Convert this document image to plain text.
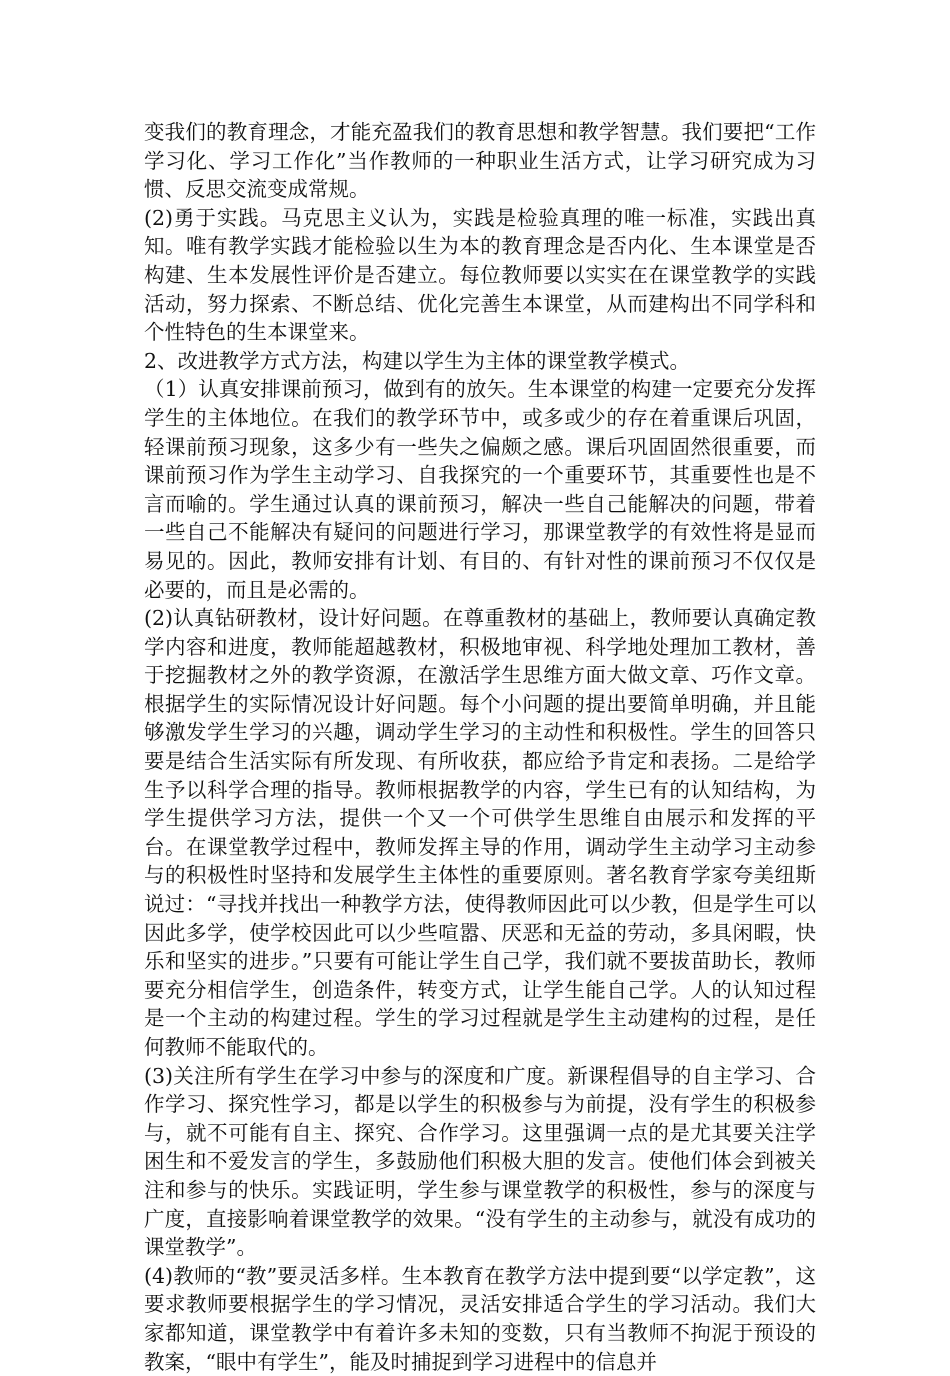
变我们的教育理念，才能充盈我们的教育思想和教学智慧。我们要把“工作学习化、学习工作化”当作教师的一种职业生活方式，让学习研究成为习惯、反思交流变成常规。

(2)勇于实践。马克思主义认为，实践是检验真理的唯一标准，实践出真知。唯有教学实践才能检验以生为本的教育理念是否内化、生本课堂是否构建、生本发展性评价是否建立。每位教师要以实实在在课堂教学的实践活动，努力探索、不断总结、优化完善生本课堂，从而建构出不同学科和个性特色的生本课堂来。

2、改进教学方式方法，构建以学生为主体的课堂教学模式。

（1）认真安排课前预习，做到有的放矢。生本课堂的构建一定要充分发挥学生的主体地位。在我们的教学环节中，或多或少的存在着重课后巩固，轻课前预习现象，这多少有一些失之偏颇之感。课后巩固固然很重要，而课前预习作为学生主动学习、自我探究的一个重要环节，其重要性也是不言而喻的。学生通过认真的课前预习，解决一些自己能解决的问题，带着一些自己不能解决有疑问的问题进行学习，那课堂教学的有效性将是显而易见的。因此，教师安排有计划、有目的、有针对性的课前预习不仅仅是必要的，而且是必需的。

(2)认真钻研教材，设计好问题。在尊重教材的基础上，教师要认真确定教学内容和进度，教师能超越教材，积极地审视、科学地处理加工教材，善于挖掘教材之外的教学资源，在激活学生思维方面大做文章、巧作文章。根据学生的实际情况设计好问题。每个小问题的提出要简单明确，并且能够激发学生学习的兴趣，调动学生学习的主动性和积极性。学生的回答只要是结合生活实际有所发现、有所收获，都应给予肯定和表扬。二是给学生予以科学合理的指导。教师根据教学的内容，学生已有的认知结构，为学生提供学习方法，提供一个又一个可供学生思维自由展示和发挥的平台。在课堂教学过程中，教师发挥主导的作用，调动学生主动学习主动参与的积极性时坚持和发展学生主体性的重要原则。著名教育学家夸美纽斯说过：“寻找并找出一种教学方法，使得教师因此可以少教，但是学生可以因此多学，使学校因此可以少些喧嚣、厌恶和无益的劳动，多具闲暇，快乐和坚实的进步。”只要有可能让学生自己学，我们就不要拔苗助长，教师要充分相信学生，创造条件，转变方式，让学生能自己学。人的认知过程是一个主动的构建过程。学生的学习过程就是学生主动建构的过程，是任何教师不能取代的。

(3)关注所有学生在学习中参与的深度和广度。新课程倡导的自主学习、合作学习、探究性学习，都是以学生的积极参与为前提，没有学生的积极参与，就不可能有自主、探究、合作学习。这里强调一点的是尤其要关注学困生和不爱发言的学生，多鼓励他们积极大胆的发言。使他们体会到被关注和参与的快乐。实践证明，学生参与课堂教学的积极性，参与的深度与广度，直接影响着课堂教学的效果。“没有学生的主动参与，就没有成功的课堂教学”。

(4)教师的“教”要灵活多样。生本教育在教学方法中提到要“以学定教”，这要求教师要根据学生的学习情况，灵活安排适合学生的学习活动。我们大家都知道，课堂教学中有着许多未知的变数，只有当教师不拘泥于预设的教案，“眼中有学生”，能及时捕捉到学习进程中的信息并
